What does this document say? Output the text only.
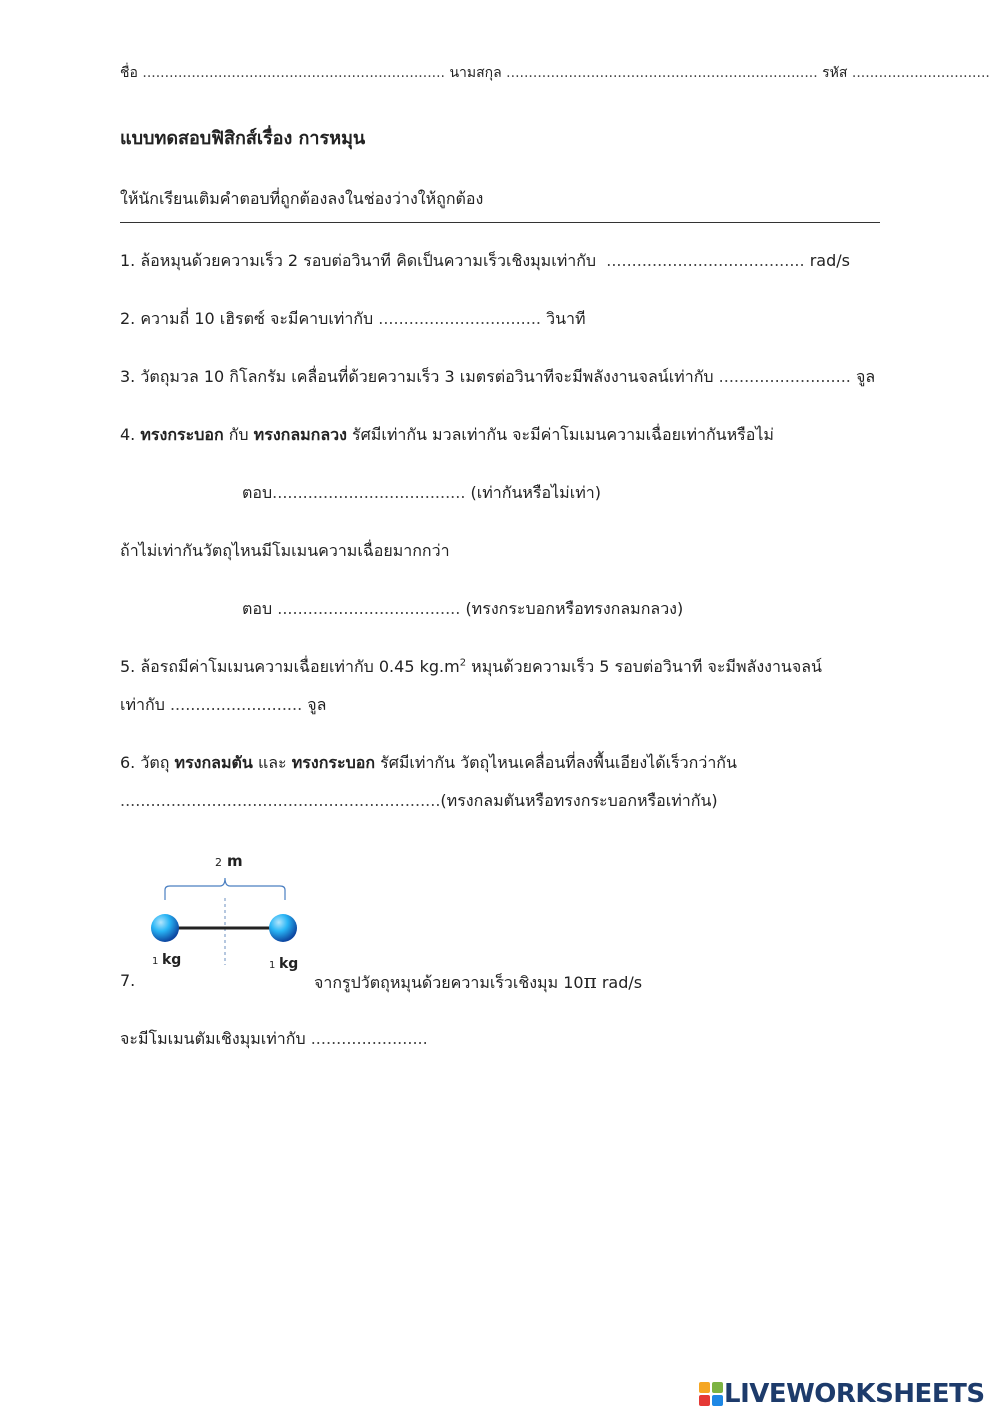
ชื่อ .................................................................... นามสกุล ...................................................................... รหัส ...............................
แบบทดสอบฟิสิกส์เรื่อง การหมุน
ให้นักเรียนเติมคำตอบที่ถูกต้องลงในช่องว่างให้ถูกต้อง
1. ล้อหมุนด้วยความเร็ว 2 รอบต่อวินาที คิดเป็นความเร็วเชิงมุมเท่ากับ ....................................... rad/s
2. ความถี่ 10 เฮิรตซ์ จะมีคาบเท่ากับ ................................ วินาที
3. วัตถุมวล 10 กิโลกรัม เคลื่อนที่ด้วยความเร็ว 3 เมตรต่อวินาทีจะมีพลังงานจลน์เท่ากับ .......................... จูล
4. ทรงกระบอก กับ ทรงกลมกลวง รัศมีเท่ากัน มวลเท่ากัน จะมีค่าโมเมนความเฉื่อยเท่ากันหรือไม่
ตอบ...................................... (เท่ากันหรือไม่เท่า)
ถ้าไม่เท่ากันวัตถุไหนมีโมเมนความเฉื่อยมากกว่า
ตอบ .................................... (ทรงกระบอกหรือทรงกลมกลวง)
5. ล้อรถมีค่าโมเมนความเฉื่อยเท่ากับ 0.45 $kg.m^2$ หมุนด้วยความเร็ว 5 รอบต่อวินาที จะมีพลังงานจลน์
เท่ากับ .......................... จูล
6. วัตถุ ทรงกลมตัน และ ทรงกระบอก รัศมีเท่ากัน วัตถุไหนเคลื่อนที่ลงพื้นเอียงได้เร็วกว่ากัน
...............................................................(ทรงกลมตันหรือทรงกระบอกหรือเท่ากัน)
2 m
1 kg	1 kg
7.	จากรูปวัตถุหมุนด้วยความเร็วเชิงมุม 10π rad/s
จะมีโมเมนตัมเชิงมุมเท่ากับ .......................
LIVEWORKSHEETS
